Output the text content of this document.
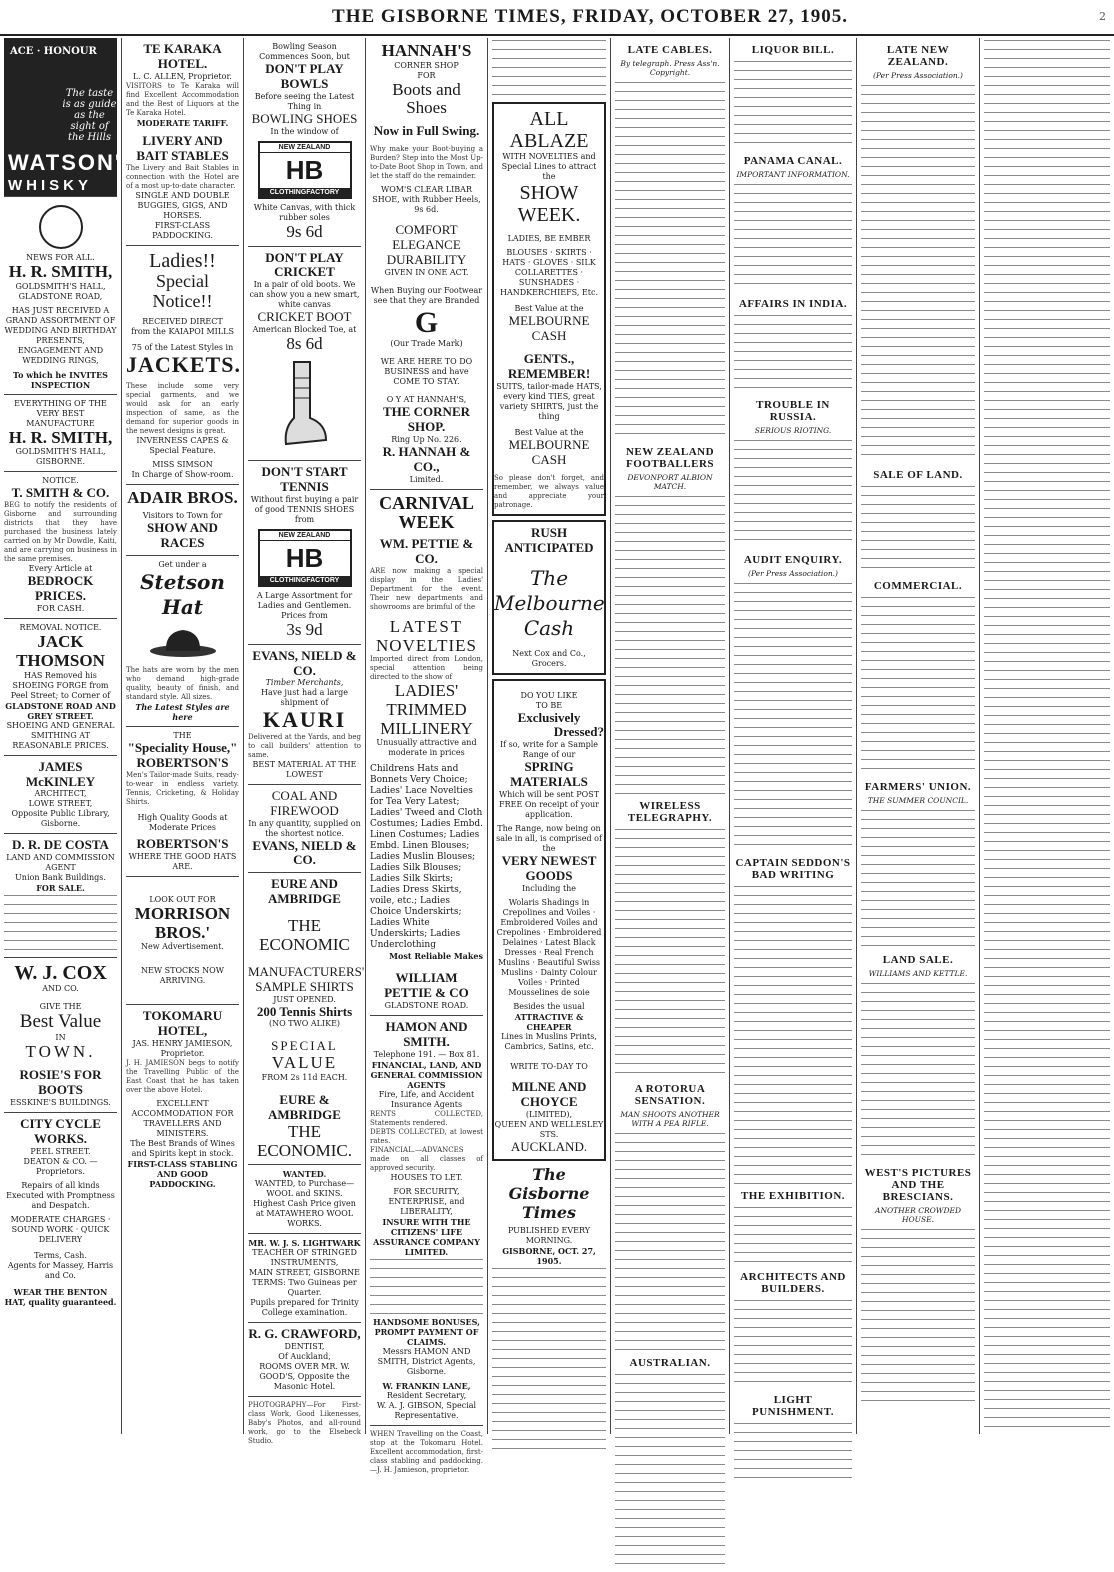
THE GISBORNE TIMES, FRIDAY, OCTOBER 27, 1905.	2
ACE · HONOUR
The taste is as guide as the sight of the Hills
WATSON'S
WHISKY
NEWS FOR ALL.
H. R. SMITH,
GOLDSMITH'S HALL, GLADSTONE ROAD,
HAS JUST RECEIVED A GRAND ASSORTMENT OF WEDDING AND BIRTHDAY PRESENTS, ENGAGEMENT AND WEDDING RINGS,
To which he INVITES INSPECTION
EVERYTHING OF THE VERY BEST MANUFACTURE
H. R. SMITH,
GOLDSMITH'S HALL, GISBORNE.
NOTICE.
T. SMITH & CO.
BEG to notify the residents of Gisborne and surrounding districts that they have purchased the business lately carried on by Mr Dowdle, Kaiti, and are carrying on business in the same premises.
Every Article at
BEDROCK PRICES.
FOR CASH.
REMOVAL NOTICE.
JACK THOMSON
HAS Removed his SHOEING FORGE from Peel Street; to Corner of
GLADSTONE ROAD AND GREY STREET.
SHOEING AND GENERAL SMITHING AT REASONABLE PRICES.
JAMES McKINLEY
ARCHITECT,
LOWE STREET,
Opposite Public Library, Gisborne.
D. R. DE COSTA
LAND AND COMMISSION AGENT
Union Bank Buildings.
FOR SALE.
W. J. COX
AND CO.
GIVE THE
Best Value
IN
TOWN.
ROSIE'S FOR BOOTS
ESSKINE'S BUILDINGS.
CITY CYCLE WORKS.
PEEL STREET.
DEATON & CO. — Proprietors.
Repairs of all kinds Executed with Promptness and Despatch.
MODERATE CHARGES · SOUND WORK · QUICK DELIVERY
Terms, Cash.
Agents for Massey, Harris and Co.
WEAR THE BENTON HAT, quality guaranteed.
TE KARAKA HOTEL.
L. C. ALLEN, Proprietor.
VISITORS to Te Karaka will find Excellent Accommodation and the Best of Liquors at the Te Karaka Hotel.
MODERATE TARIFF.
LIVERY AND
BAIT STABLES
The Livery and Bait Stables in connection with the Hotel are of a most up-to-date character.
SINGLE AND DOUBLE BUGGIES, GIGS, AND HORSES.
FIRST-CLASS PADDOCKING.
Ladies!!
Special Notice!!
RECEIVED DIRECT
from the KAIAPOI MILLS
75 of the Latest Styles in
JACKETS.
These include some very special garments, and we would ask for an early inspection of same, as the demand for superior goods in the newest designs is great.
INVERNESS CAPES & Special Feature.
MISS SIMSON
In Charge of Show-room.
ADAIR BROS.
Visitors to Town for
SHOW AND RACES
Get under a
Stetson Hat
The hats are worn by the men who demand high-grade quality, beauty of finish, and standard style. All sizes.
The Latest Styles are here
THE
"Speciality House,"
ROBERTSON'S
Men's Tailor-made Suits, ready-to-wear in endless variety. Tennis, Cricketing, & Holiday Shirts.
High Quality Goods at Moderate Prices
ROBERTSON'S
WHERE THE GOOD HATS ARE.
LOOK OUT FOR
MORRISON BROS.'
New Advertisement.
NEW STOCKS NOW ARRIVING.
TOKOMARU HOTEL,
JAS. HENRY JAMIESON, Proprietor.
J. H. JAMIESON begs to notify the Travelling Public of the East Coast that he has taken over the above Hotel.
EXCELLENT ACCOMMODATION FOR TRAVELLERS AND MINISTERS.
The Best Brands of Wines and Spirits kept in stock.
FIRST-CLASS STABLING AND GOOD PADDOCKING.
Bowling Season Commences Soon, but
DON'T PLAY BOWLS
Before seeing the Latest Thing in
BOWLING SHOES
In the window of
NEW ZEALAND
HB
CLOTHINGFACTORY
White Canvas, with thick rubber soles
9s 6d
DON'T PLAY CRICKET
In a pair of old boots. We can show you a new smart, white canvas
CRICKET BOOT
American Blocked Toe, at
8s 6d
DON'T START TENNIS
Without first buying a pair of good TENNIS SHOES from
NEW ZEALAND
HB
CLOTHINGFACTORY
A Large Assortment for Ladies and Gentlemen. Prices from
3s 9d
EVANS, NIELD & CO.
Timber Merchants,
Have just had a large shipment of
KAURI
Delivered at the Yards, and beg to call builders' attention to same.
BEST MATERIAL AT THE LOWEST
COAL AND FIREWOOD
In any quantity, supplied on the shortest notice.
EVANS, NIELD & CO.
EURE AND AMBRIDGE
THE ECONOMIC
MANUFACTURERS'
SAMPLE SHIRTS
JUST OPENED.
200 Tennis Shirts
(NO TWO ALIKE)
SPECIAL
VALUE
FROM 2s 11d EACH.
EURE & AMBRIDGE
THE ECONOMIC.
WANTED.
WANTED, to Purchase—WOOL and SKINS.
Highest Cash Price given at MATAWHERO WOOL WORKS.
MR. W. J. S. LIGHTWARK
TEACHER OF STRINGED INSTRUMENTS,
MAIN STREET, GISBORNE
TERMS: Two Guineas per Quarter.
Pupils prepared for Trinity College examination.
R. G. CRAWFORD,
DENTIST,
Of Auckland,
ROOMS OVER MR. W. GOOD'S, Opposite the Masonic Hotel.
PHOTOGRAPHY—For First-class Work, Good Likenesses, Baby's Photos, and all-round work, go to the Elsebeck Studio.
HANNAH'S
CORNER SHOP
FOR
Boots and Shoes
Now in Full Swing.
Why make your Boot-buying a Burden? Step into the Most Up-to-Date Boot Shop in Town, and let the staff do the remainder.
WOM'S CLEAR LIBAR SHOE, with Rubber Heels, 9s 6d.
COMFORT
ELEGANCE
DURABILITY
GIVEN IN ONE ACT.
When Buying our Footwear see that they are Branded
G
(Our Trade Mark)
WE ARE HERE TO DO BUSINESS and have COME TO STAY.
O Y AT HANNAH'S,
THE CORNER SHOP.
Ring Up No. 226.
R. HANNAH & CO.,
Limited.
CARNIVAL WEEK
WM. PETTIE & CO.
ARE now making a special display in the Ladies' Department for the event. Their new departments and showrooms are brimful of the
LATEST
NOVELTIES
Imported direct from London, special attention being directed to the show of
LADIES'
TRIMMED
MILLINERY
Unusually attractive and moderate in prices
Childrens Hats and Bonnets Very Choice; Ladies' Lace Novelties for Tea Very Latest; Ladies' Tweed and Cloth Costumes; Ladies Embd. Linen Costumes; Ladies Embd. Linen Blouses; Ladies Muslin Blouses; Ladies Silk Blouses; Ladies Silk Skirts; Ladies Dress Skirts, voile, etc.; Ladies Choice Underskirts; Ladies White Underskirts; Ladies Underclothing
Most Reliable Makes
WILLIAM PETTIE & CO
GLADSTONE ROAD.
HAMON AND SMITH.
Telephone 191. — Box 81.
FINANCIAL, LAND, AND GENERAL COMMISSION AGENTS
Fire, Life, and Accident Insurance Agents
RENTS COLLECTED, Statements rendered.
DEBTS COLLECTED, at lowest rates.
FINANCIAL.—ADVANCES made on all classes of approved security.
HOUSES TO LET.
FOR SECURITY, ENTERPRISE, and LIBERALITY,
INSURE WITH THE CITIZENS' LIFE ASSURANCE COMPANY LIMITED.
HANDSOME BONUSES, PROMPT PAYMENT OF CLAIMS.
Messrs HAMON AND SMITH, District Agents, Gisborne.
W. FRANKIN LANE,
Resident Secretary,
W. A. J. GIBSON, Special Representative.
WHEN Travelling on the Coast, stop at the Tokomaru Hotel. Excellent accommodation, first-class stabling and paddocking.—J. H. Jamieson, proprietor.
ALL ABLAZE
WITH NOVELTIES and Special Lines to attract the
SHOW WEEK.
LADIES, BE EMBER
BLOUSES · SKIRTS · HATS · GLOVES · SILK COLLARETTES · SUNSHADES · HANDKERCHIEFS, Etc.
Best Value at the
MELBOURNE CASH
GENTS., REMEMBER!
SUITS, tailor-made HATS, every kind TIES, great variety SHIRTS, just the thing
Best Value at the
MELBOURNE CASH
So please don't forget, and remember, we always value and appreciate your patronage.
RUSH ANTICIPATED
The
Melbourne
Cash
Next Cox and Co., Grocers.
DO YOU LIKE
TO BE
Exclusively
Dressed?
If so, write for a Sample Range of our
SPRING MATERIALS
Which will be sent POST FREE On receipt of your application.
The Range, now being on sale in all, is comprised of the
VERY NEWEST GOODS
Including the
Wolaris Shadings in Crepolines and Voiles · Embroidered Voiles and Crepolines · Embroidered Delaines · Latest Black Dresses · Real French Muslins · Beautiful Swiss Muslins · Dainty Colour Voiles · Printed Mousselines de soie
Besides the usual
ATTRACTIVE & CHEAPER
Lines in Muslins Prints, Cambrics, Satins, etc.
WRITE TO-DAY TO
MILNE AND CHOYCE
(LIMITED),
QUEEN AND WELLESLEY STS.
AUCKLAND.
The Gisborne Times
PUBLISHED EVERY MORNING.
GISBORNE, OCT. 27, 1905.
LATE CABLES.
By telegraph. Press Ass'n. Copyright.
NEW ZEALAND FOOTBALLERS
DEVONPORT ALBION MATCH.
WIRELESS TELEGRAPHY.
A ROTORUA SENSATION.
MAN SHOOTS ANOTHER WITH A PEA RIFLE.
AUSTRALIAN.
LIQUOR BILL.
PANAMA CANAL.
IMPORTANT INFORMATION.
AFFAIRS IN INDIA.
TROUBLE IN RUSSIA.
SERIOUS RIOTING.
AUDIT ENQUIRY.
(Per Press Association.)
CAPTAIN SEDDON'S BAD WRITING
THE EXHIBITION.
ARCHITECTS AND BUILDERS.
LIGHT PUNISHMENT.
LATE NEW ZEALAND.
(Per Press Association.)
SALE OF LAND.
COMMERCIAL.
FARMERS' UNION.
THE SUMMER COUNCIL.
LAND SALE.
WILLIAMS AND KETTLE.
WEST'S PICTURES AND THE BRESCIANS.
ANOTHER CROWDED HOUSE.
